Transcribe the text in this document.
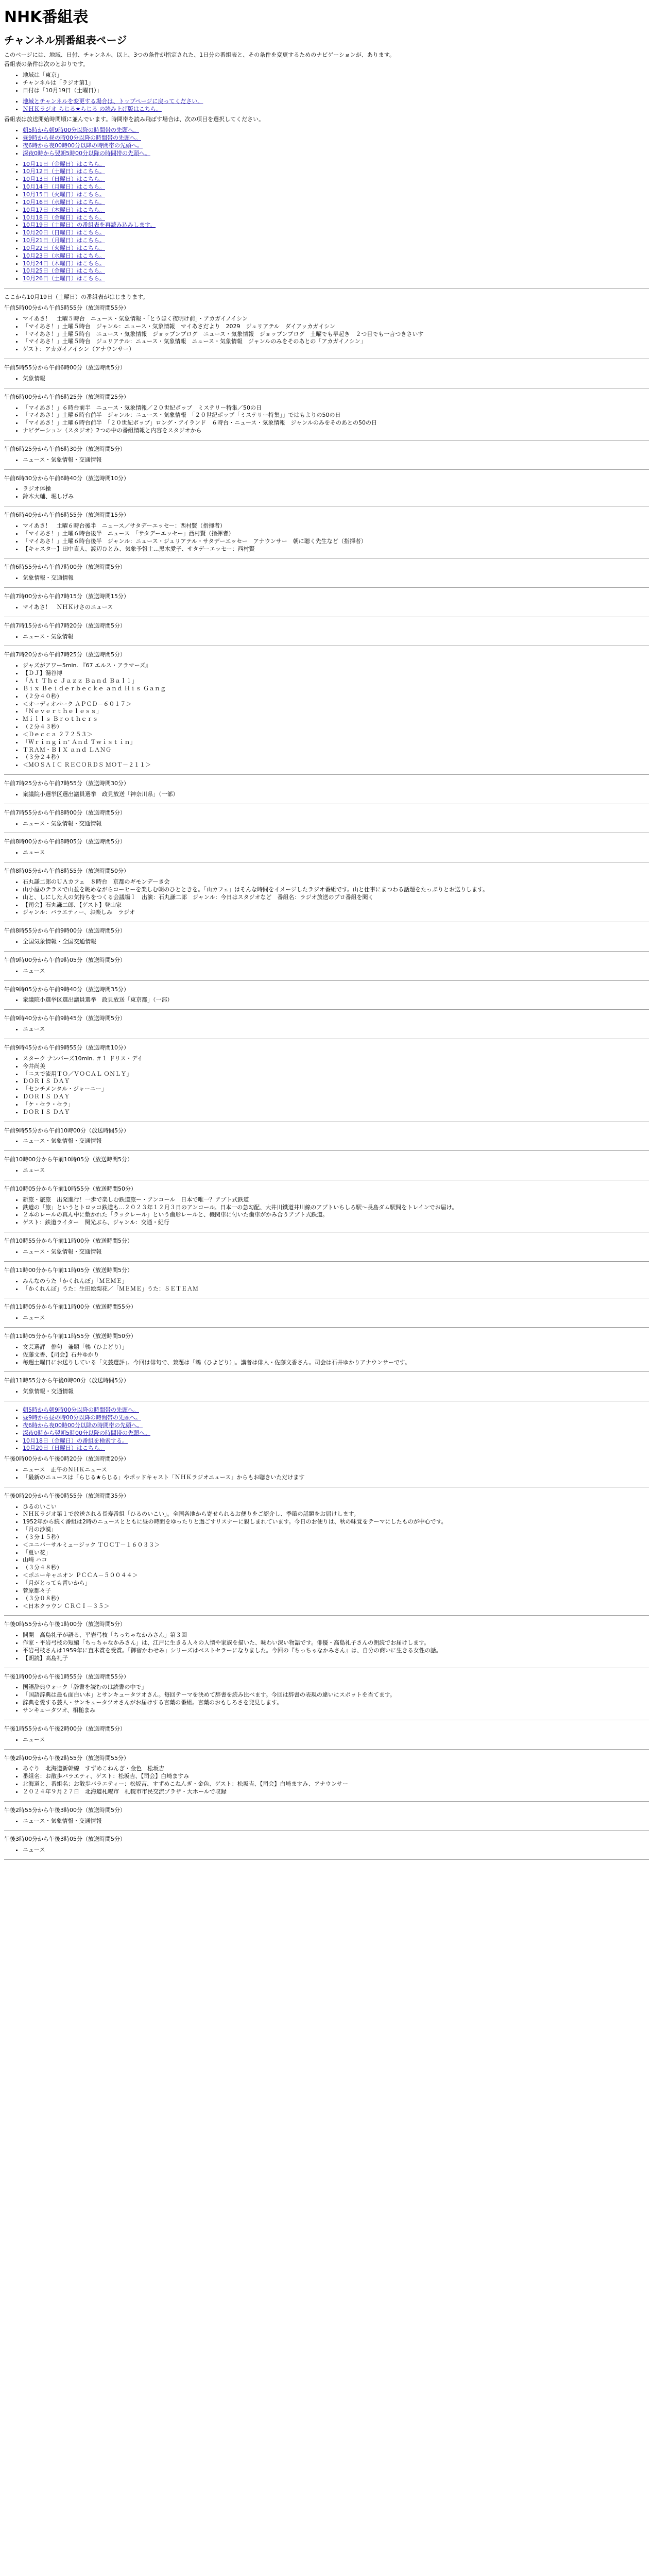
NHK番組表
チャンネル別番組表ページ

このページには、地域、日付、チャンネル、以上、3つの条件が指定された、1日分の番組表と、その条件を変更するためのナビゲーションが、あります。

番組表の条件は次のとおりです。

• 地域は「東京」
• チャンネルは「ラジオ第1」
• 日付は「10月19日（土曜日）」
• 地域とチャンネルを変更する場合は、トップページに戻ってください。
• ＮＨＫラジオ らじる★らじる の読み上げ版はこちら。

番組表は放送開始時間順に並んでいます。時間帯を読み飛ばす場合は、次の項目を選択してください。

• 朝5時から朝9時00分以降の時間帯の先頭へ。
• 昼9時から昼の時00分以降の時間帯の先頭へ。
• 夜6時から夜00時00分以降の時間帯の先頭へ。
• 深夜0時から翌朝5時00分以降の時間帯の先頭へ。
• 10月11日（金曜日）はこちら。
• 10月12日（土曜日）はこちら。
• 10月13日（日曜日）はこちら。
• 10月14日（月曜日）はこちら。
• 10月15日（火曜日）はこちら。
• 10月16日（水曜日）はこちら。
• 10月17日（木曜日）はこちら。
• 10月18日（金曜日）はこちら。
• 10月19日（土曜日）の番組表を再読み込みします。
• 10月20日（日曜日）はこちら。
• 10月21日（月曜日）はこちら。
• 10月22日（火曜日）はこちら。
• 10月23日（水曜日）はこちら。
• 10月24日（木曜日）はこちら。
• 10月25日（金曜日）はこちら。
• 10月26日（土曜日）はこちら。

ここから10月19日（土曜日）の番組表がはじまります。

午前5時00分から午前5時55分（放送時間55分）

• マイあさ！　土曜５時台　ニュース・気象情報・「とうほく夜明け前」・アカガイノイシン
• 「マイあさ！」土曜５時台　ジャンル：ニュース・気象情報　マイあさだより　2029　ジュリアテル　ダイアッカガイシン
• 「マイあさ！」土曜５時台　ニュース・気象情報　ジョップンブログ　ニュース・気象情報　ジョップンブログ　土曜でも早起き　２つ目でも一言つきさいす
• 「マイあさ！」土曜５時台　ジュリアテル：ニュース・気象情報　ニュース・気象情報　ジャンルのみをそのあとの「アカガイノシン」
• ゲスト：アカガイノイシン（アナウンサー）

午前5時55分から午前6時00分（放送時間5分）

• 気象情報

午前6時00分から午前6時25分（放送時間25分）

• 「マイあさ！」６時台前半　ニュース・気象情報／２０世紀ポップ　ミステリー特集／50の日
• 「マイあさ！」土曜６時台前半　ジャンル：ニュース・気象情報　「２０世紀ポップ「ミステリー特集」」ではもよりの50の日
• 「マイあさ！」土曜６時台前半　「２０世紀ポップ」ロング・アイランド　６時台・ニュース・気象情報　ジャンルのみをそのあとの50の日
• ナビゲーション（スタジオ）2つの中の番組情報と内容をスタジオから

午前6時25分から午前6時30分（放送時間5分）

• ニュース・気象情報・交通情報

午前6時30分から午前6時40分（放送時間10分）

• ラジオ体操
• 鈴木大輔、堀しげみ

午前6時40分から午前6時55分（放送時間15分）

• マイあさ！　土曜６時台後半　ニュース／サタデーエッセー：西村賢（指揮者）
• 「マイあさ！」土曜６時台後半　ニュース　「サタデーエッセー」西村賢（指揮者）
• 「マイあさ！」土曜６時台後半　ジャンル：ニュース・ジュリアテル・サタデーエッセー　アナウンサー　朝に聴く先生など（指揮者）
• 【キャスター】田中直人、渡辺ひとみ、気象予報士…黒木愛子、サタデーエッセー：西村賢

午前6時55分から午前7時00分（放送時間5分）

• 気象情報・交通情報

午前7時00分から午前7時15分（放送時間15分）

• マイあさ！　ＮＨＫけさのニュース

午前7時15分から午前7時20分（放送時間5分）

• ニュース・気象情報

午前7時20分から午前7時25分（放送時間5分）

• ジャズがアワー5min. 『67 エルス・アラマーズ』
• 【ＤＪ】湯谷博
• 「Ａｔ Ｔｈｅ Ｊａｚｚ Ｂａｎｄ Ｂａｌｌ」
• Ｂｉｘ Ｂｅｉｄｅｒｂｅｃｋｅ ａｎｄ Ｈｉｓ Ｇａｎｇ
• （２分４０秒）
• ＜オーディオパーク ＡＰＣＤ－６０１７＞
• 「Ｎｅｖｅｒｔｈｅｌｅｓｓ」
• Ｍｉｌｌｓ Ｂｒｏｔｈｅｒｓ
• （２分４３秒）
• ＜Ｄｅｃｃａ ２７２５３＞
• 「Ｗｒｉｎｇｉｎ’ Ａｎｄ Ｔｗｉｓｔｉｎ」
• ＴＲＡＭ・ＢＩＸ ａｎｄ ＬＡＮＧ
• （３分２４秒）
• ＜ＭＯＳＡＩＣ ＲＥＣＯＲＤＳ ＭＯＴ－２１１＞

午前7時25分から午前7時55分（放送時間30分）

• 衆議院小選挙区選出議員選挙　政見放送「神奈川県」（一部）

午前7時55分から午前8時00分（放送時間5分）

• ニュース・気象情報・交通情報

午前8時00分から午前8時05分（放送時間5分）

• ニュース

午前8時05分から午前8時55分（放送時間50分）

• 石丸謙二郎のＵＡカフェ　８時台　京都のギモンデーき会
• 山小屋のテラスで山並を眺めながらコーヒーを楽しむ朝のひとときを。「山カフェ」はそんな時間をイメージしたラジオ番組です。山と仕事にまつわる話題をたっぷりとお送りします。
• 山と、しにした人の気持ちをつくる会議場ｌ　出演：石丸謙二郎　ジャンル：今日はスタジオなど　番組名：ラジオ放送のプロ番組を聞く
• 【司会】石丸謙二郎、【ゲスト】登山家
• ジャンル：バラエティー、お楽しみ　ラジオ

午前8時55分から午前9時00分（放送時間5分）

• 全国気象情報・全国交通情報

午前9時00分から午前9時05分（放送時間5分）

• ニュース

午前9時05分から午前9時40分（放送時間35分）

• 衆議院小選挙区選出議員選挙　政見放送「東京都」（一部）

午前9時40分から午前9時45分（放送時間5分）

• ニュース

午前9時45分から午前9時55分（放送時間10分）

• スターク ナンバーズ10min. ＃１ ドリス・デイ
• 今井尚美
• 「ニスで流用ＴＯ／ＶＯＣＡＬ ＯＮＬＹ」
• ＤＯＲＩＳ ＤＡＹ
• 「センチメンタル・ジャーニー」
• ＤＯＲＩＳ ＤＡＹ
• 「ケ・セラ・セラ」
• ＤＯＲＩＳ ＤＡＹ

午前9時55分から午前10時00分（放送時間5分）

• ニュース・気象情報・交通情報

午前10時00分から午前10時05分（放送時間5分）

• ニュース

午前10時05分から午前10時55分（放送時間50分）

• 新旅・旅旅　出発進行！一歩で楽しむ鉄道旅ー・アンコール　日本で唯一？アプト式鉄道
• 鉄道の「旅」というとトロッコ鉄道も…２０２３年１２月３日のアンコール。日本一の急勾配、大井川鐵道井川線のアプトいちしろ駅〜長島ダム駅間をトレインでお届け。
• ２本のレールの真ん中に敷かれた「ラックレール」という歯形レールと、機関車に付いた歯車がかみ合うアプト式鉄道。
• ゲスト：鉄道ライター　関光ぶら、ジャンル：交通・紀行

午前10時55分から午前11時00分（放送時間5分）

• ニュース・気象情報・交通情報

午前11時00分から午前11時05分（放送時間5分）

• みんなのうた「かくれんぼ」「ＭＥＭＥ」
• 「かくれんぼ」うた：生田絵梨花／「ＭＥＭＥ」うた：ＳＥＴＥＡＭ

午前11時05分から午前11時00分（放送時間55分）

• ニュース

午前11時05分から午前11時55分（放送時間50分）

• 文芸選評　俳句　兼題「鵯（ひよどり）」
• 佐藤文香、【司会】石井ゆかり
• 毎週土曜日にお送りしている「文芸選評」。今回は俳句で、兼題は「鵯（ひよどり）」。講者は俳人・佐藤文香さん。司会は石井ゆかりアナウンサーです。

午前11時55分から午後0時00分（放送時間5分）

• 気象情報・交通情報
• 朝5時から朝9時00分以降の時間帯の先頭へ。
• 昼9時から昼の時00分以降の時間帯の先頭へ。
• 夜6時から夜00時00分以降の時間帯の先頭へ。
• 深夜0時から翌朝5時00分以降の時間帯の先頭へ。
• 10月18日（金曜日）の番組を検索する。
• 10月20日（日曜日）はこちら。

午後0時00分から午後0時20分（放送時間20分）

• ニュース　正午のＮＨＫニュース
• 「最新のニュースは「らじる★らじる」やポッドキャスト「ＮＨＫラジオニュース」からもお聴きいただけます

午後0時20分から午後0時55分（放送時間35分）

• ひるのいこい
• ＮＨＫラジオ第１で放送される長寿番組「ひるのいこい」。全国各地から寄せられるお便りをご紹介し、季節の話題をお届けします。
• 1952年から続く番組は2時のニュースとともに昼の時間をゆったりと過ごすリスナーに親しまれています。今日のお便りは、秋の味覚をテーマにしたものが中心です。
• 「月の沙漠」
• （３分１５秒）
• ＜ユニバーサルミュージック ＴＯＣＴ－１６０３３＞
• 「夏い花」
• 山崎 ハコ
• （３分４８秒）
• ＜ポニーキャニオン ＰＣＣＡ－５００４４＞
• 「月がとっても青いから」
• 菅原都々子
• （３分０８秒）
• ＜日本クラウン ＣＲＣＩ－３５＞

午後0時55分から午後1時00分（放送時間5分）

• 開開　高島礼子が語る、平岩弓枝「ちっちゃなかみさん」第３回
• 作家・平岩弓枝の短編「ちっちゃなかみさん」は、江戸に生きる人々の人情や家族を描いた、味わい深い物語です。俳優・高島礼子さんの朗読でお届けします。
• 平岩弓枝さんは1959年に直木賞を受賞。「御宿かわせみ」シリーズはベストセラーになりました。今回の『ちっちゃなかみさん』は、自分の商いに生きる女性の話。
• 【朗読】高島礼子

午後1時00分から午後1時55分（放送時間55分）

• 国語辞典ウォーク「辞書を読むのは読書の中で」
• 「国語辞典は最も面白い本」とサンキュータツオさん。毎回テーマを決めて辞書を読み比べます。今回は辞書の表現の違いにスポットを当てます。
• 辞典を愛する芸人・サンキュータツオさんがお届けする言葉の番組。言葉のおもしろさを発見します。
• サンキュータツオ、相槌まみ

午後1時55分から午後2時00分（放送時間5分）

• ニュース

午後2時00分から午後2時55分（放送時間55分）

• あぐり　北海道新幹線　すずめこねんぎ・金色　松坂吉
• 番組名：お散歩バラエティ、ゲスト：松坂吉、【司会】白崎ますみ
• 北海道と、番組名：お散歩バラエティー：松坂吉、すずめこねんぎ・金色、ゲスト：松坂吉、【司会】白崎ますみ、アナウンサー
• ２０２４年９月２７日　北海道札幌市　札幌市市民交流プラザ・大ホールで収録

午後2時55分から午後3時00分（放送時間5分）

• ニュース・気象情報・交通情報

午後3時00分から午後3時05分（放送時間5分）

• ニュース
